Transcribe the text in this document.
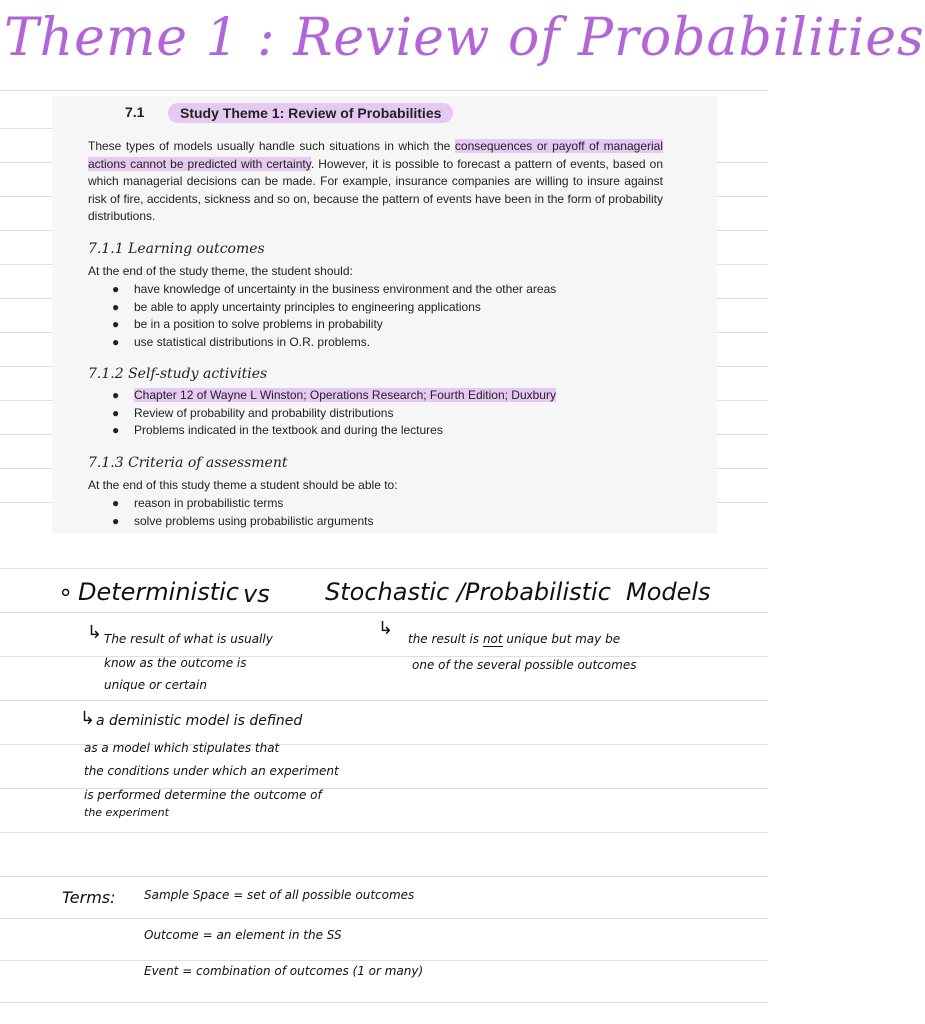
Theme 1 : Review of Probabilities
7.1	Study Theme 1: Review of Probabilities
These types of models usually handle such situations in which the consequences or payoff of managerial actions cannot be predicted with certainty. However, it is possible to forecast a pattern of events, based on which managerial decisions can be made. For example, insurance companies are willing to insure against risk of fire, accidents, sickness and so on, because the pattern of events have been in the form of probability distributions.
7.1.1 Learning outcomes
At the end of the study theme, the student should:
● have knowledge of uncertainty in the business environment and the other areas
● be able to apply uncertainty principles to engineering applications
● be in a position to solve problems in probability
● use statistical distributions in O.R. problems.
7.1.2 Self-study activities
● Chapter 12 of Wayne L Winston; Operations Research; Fourth Edition; Duxbury
● Review of probability and probability distributions
● Problems indicated in the textbook and during the lectures
7.1.3 Criteria of assessment
At the end of this study theme a student should be able to:
● reason in probabilistic terms
● solve problems using probabilistic arguments
∘ Deterministic vs Stochastic /Probabilistic Models
↳ The result of what is usually
know as the outcome is
unique or certain
↳
the result is not unique but may be
one of the several possible outcomes
↳ a deministic model is defined
as a model which stipulates that
the conditions under which an experiment
is performed determine the outcome of
the experiment
Terms: Sample Space = set of all possible outcomes
Outcome = an element in the SS
Event = combination of outcomes (1 or many)
